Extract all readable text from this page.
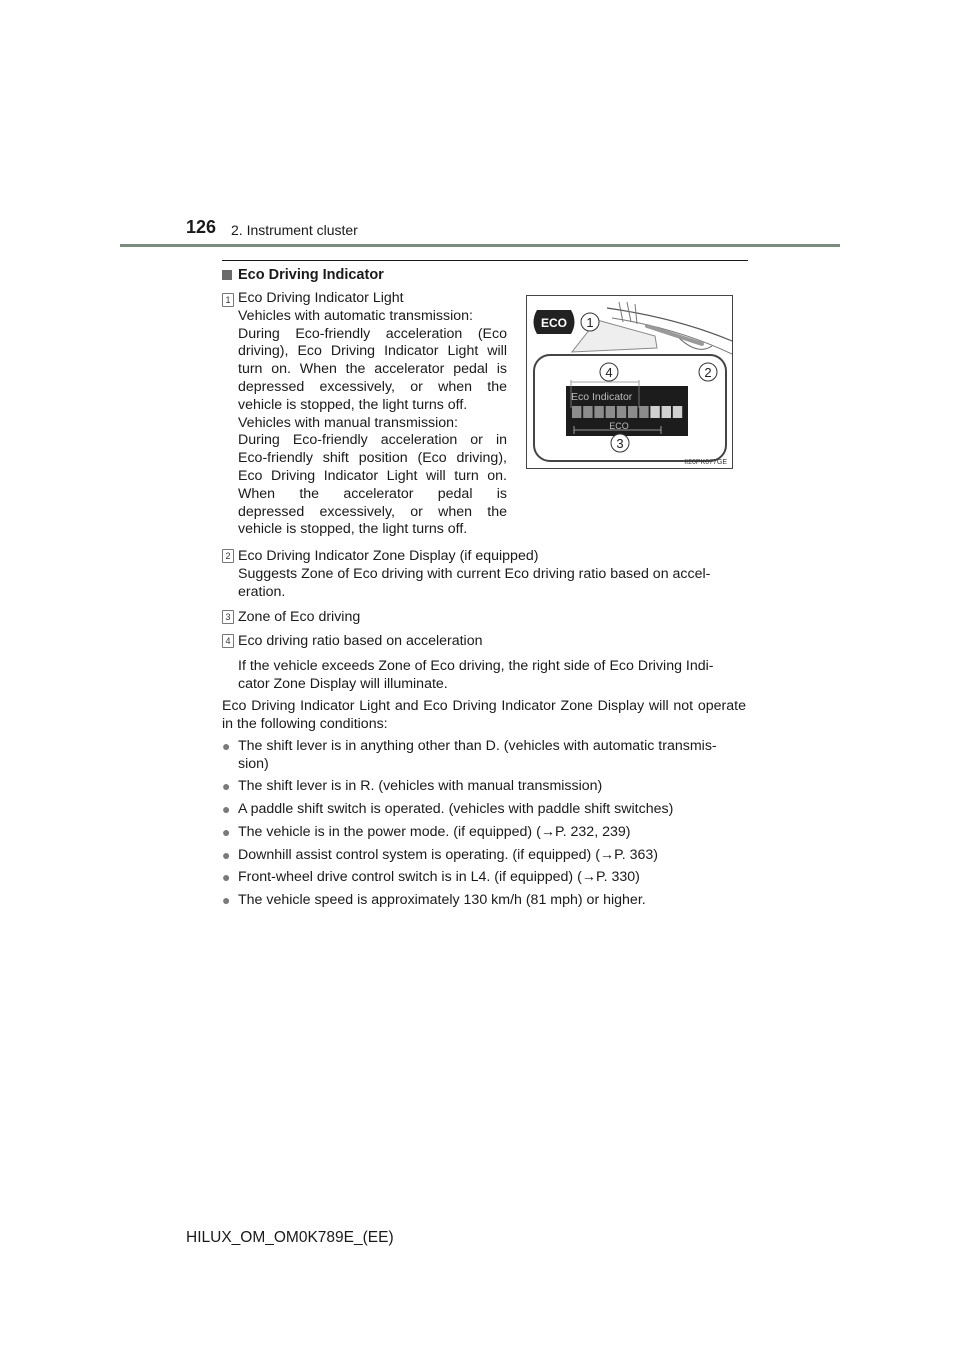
126 2. Instrument cluster
Eco Driving Indicator
1 Eco Driving Indicator Light

Vehicles with automatic transmission:

During Eco-friendly acceleration (Eco

driving), Eco Driving Indicator Light will

turn on. When the accelerator pedal is

depressed excessively, or when the

vehicle is stopped, the light turns off.

Vehicles with manual transmission:

During Eco-friendly acceleration or in

Eco-friendly shift position (Eco driving),

Eco Driving Indicator Light will turn on.

When the accelerator pedal is

depressed excessively, or when the

vehicle is stopped, the light turns off.

ECO 1
4	2
Eco Indicator
ECO
3
II20PK077GE
2 Eco Driving Indicator Zone Display (if equipped)

Suggests Zone of Eco driving with current Eco driving ratio based on accel-

eration.

3 Zone of Eco driving
4 Eco driving ratio based on acceleration

If the vehicle exceeds Zone of Eco driving, the right side of Eco Driving Indi-

cator Zone Display will illuminate.

Eco Driving Indicator Light and Eco Driving Indicator Zone Display will not operate in the following conditions:
● The shift lever is in anything other than D. (vehicles with automatic transmis-
sion)
● The shift lever is in R. (vehicles with manual transmission)
● A paddle shift switch is operated. (vehicles with paddle shift switches)
● The vehicle is in the power mode. (if equipped) (→P. 232, 239)
● Downhill assist control system is operating. (if equipped) (→P. 363)
● Front-wheel drive control switch is in L4. (if equipped) (→P. 330)
● The vehicle speed is approximately 130 km/h (81 mph) or higher.
HILUX_OM_OM0K789E_(EE)
